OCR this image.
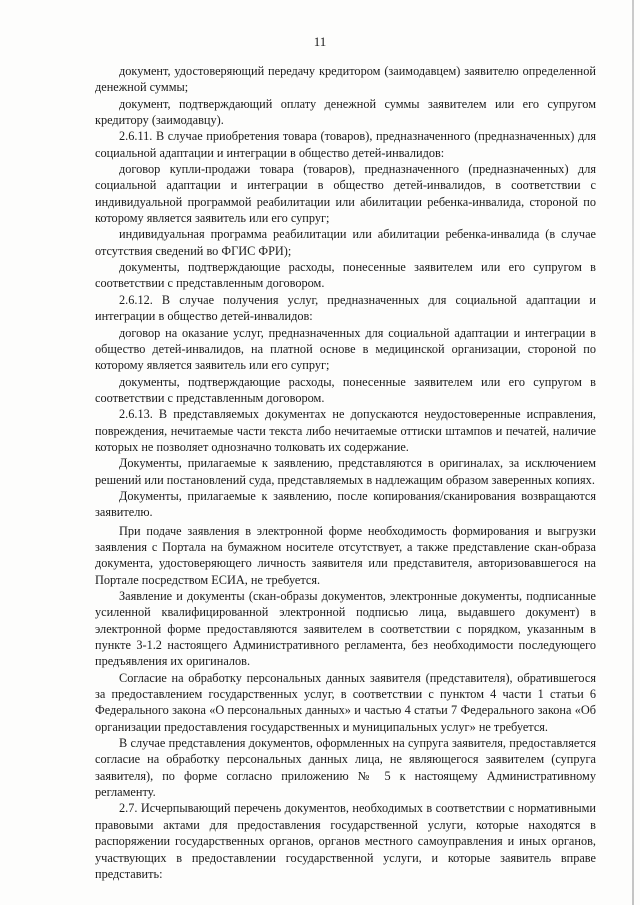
11

документ, удостоверяющий передачу кредитором (заимодавцем) заявителю определенной денежной суммы;

документ, подтверждающий оплату денежной суммы заявителем или его супругом кредитору (заимодавцу).

2.6.11. В случае приобретения товара (товаров), предназначенного (предназначенных) для социальной адаптации и интеграции в общество детей-инвалидов:

договор купли-продажи товара (товаров), предназначенного (предназначенных) для социальной адаптации и интеграции в общество детей-инвалидов, в соответствии с индивидуальной программой реабилитации или абилитации ребенка-инвалида, стороной по которому является заявитель или его супруг;

индивидуальная программа реабилитации или абилитации ребенка-инвалида (в случае отсутствия сведений во ФГИС ФРИ);

документы, подтверждающие расходы, понесенные заявителем или его супругом в соответствии с представленным договором.

2.6.12. В случае получения услуг, предназначенных для социальной адаптации и интеграции в общество детей-инвалидов:

договор на оказание услуг, предназначенных для социальной адаптации и интеграции в общество детей-инвалидов, на платной основе в медицинской организации, стороной по которому является заявитель или его супруг;

документы, подтверждающие расходы, понесенные заявителем или его супругом в соответствии с представленным договором.

2.6.13. В представляемых документах не допускаются неудостоверенные исправления, повреждения, нечитаемые части текста либо нечитаемые оттиски штампов и печатей, наличие которых не позволяет однозначно толковать их содержание.

Документы, прилагаемые к заявлению, представляются в оригиналах, за исключением решений или постановлений суда, представляемых в надлежащим образом заверенных копиях.

Документы, прилагаемые к заявлению, после копирования/сканирования возвращаются заявителю.

При подаче заявления в электронной форме необходимость формирования и выгрузки заявления с Портала на бумажном носителе отсутствует, а также представление скан-образа документа, удостоверяющего личность заявителя или представителя, авторизовавшегося на Портале посредством ЕСИА, не требуется.

Заявление и документы (скан-образы документов, электронные документы, подписанные усиленной квалифицированной электронной подписью лица, выдавшего документ) в электронной форме предоставляются заявителем в соответствии с порядком, указанным в пункте 3-1.2 настоящего Административного регламента, без необходимости последующего предъявления их оригиналов.

Согласие на обработку персональных данных заявителя (представителя), обратившегося за предоставлением государственных услуг, в соответствии с пунктом 4 части 1 статьи 6 Федерального закона «О персональных данных» и частью 4 статьи 7 Федерального закона «Об организации предоставления государственных и муниципальных услуг» не требуется.

В случае представления документов, оформленных на супруга заявителя, предоставляется согласие на обработку персональных данных лица, не являющегося заявителем (супруга заявителя), по форме согласно приложению № 5 к настоящему Административному регламенту.

2.7. Исчерпывающий перечень документов, необходимых в соответствии с нормативными правовыми актами для предоставления государственной услуги, которые находятся в распоряжении государственных органов, органов местного самоуправления и иных органов, участвующих в предоставлении государственной услуги, и которые заявитель вправе представить:
